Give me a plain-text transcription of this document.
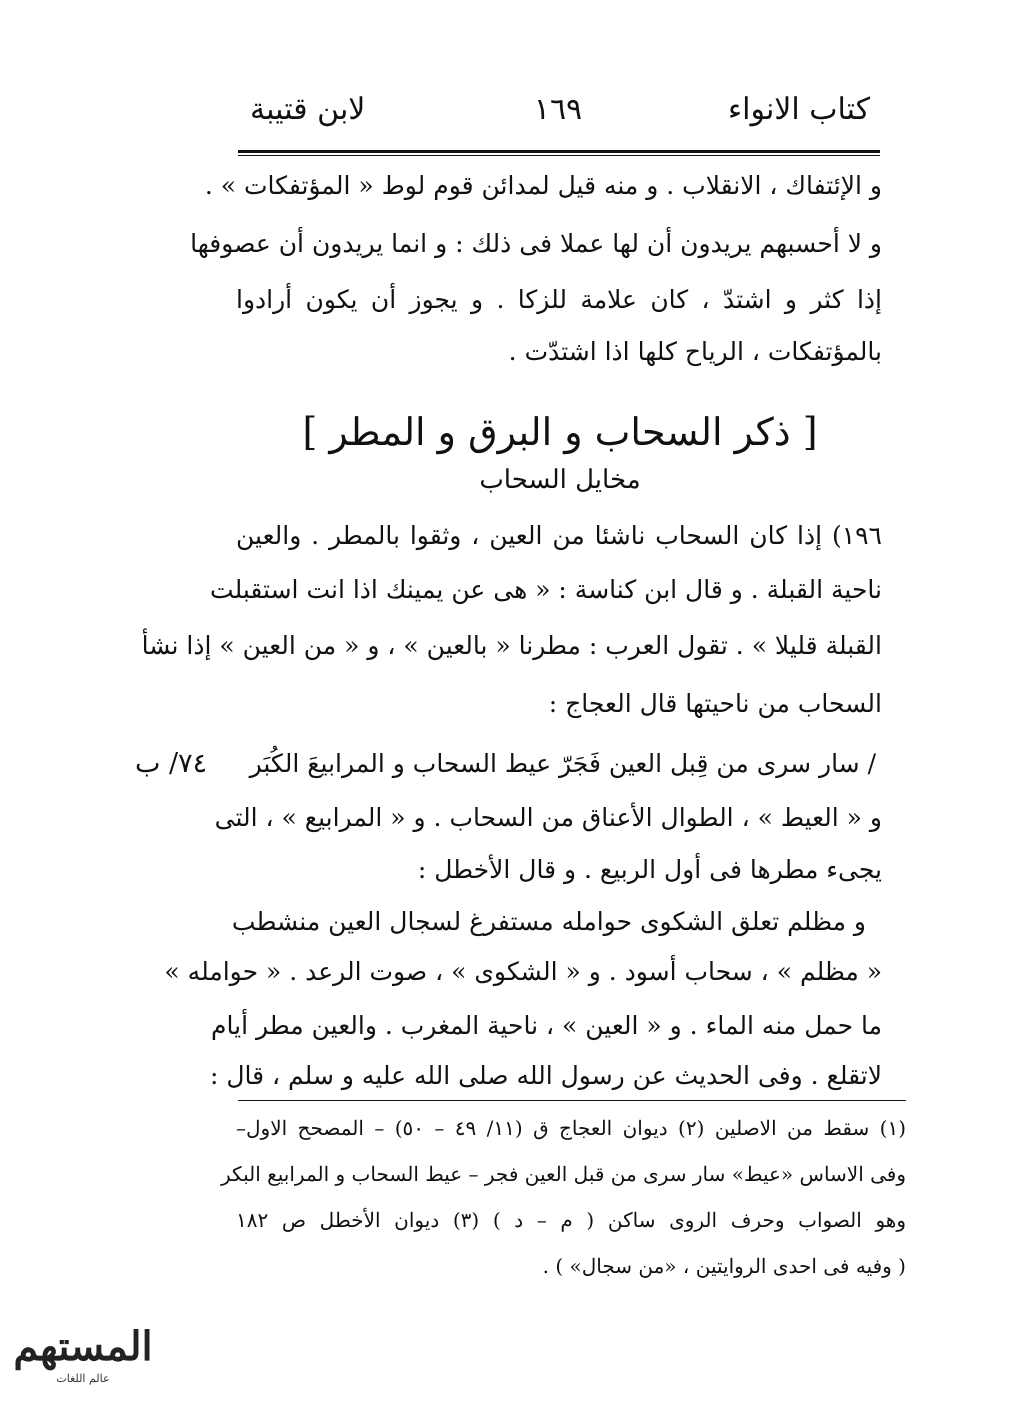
كتاب الانواء
١٦٩
لابن قتيبة
و الإئتفاك ، الانقلاب . و منه قيل لمدائن قوم لوط « المؤتفكات » .
و لا أحسبهم يريدون أن لها عملا فى ذلك : و انما يريدون أن عصوفها
إذا كثر و اشتدّ ، كان علامة للزكا . و يجوز أن يكون أرادوا
بالمؤتفكات ، الرياح كلها اذا اشتدّت .
[ ذكر السحاب و البرق و المطر ]
مخايل السحاب
١٩٦) إذا كان السحاب ناشئا من العين ، وثقوا بالمطر . والعين
ناحية القبلة . و قال ابن كناسة : « هى عن يمينك اذا انت استقبلت
القبلة قليلا » . تقول العرب : مطرنا « بالعين » ، و « من العين » إذا نشأ
السحاب من ناحيتها قال العجاج :
٧٤/ ب	/ سار سرى من قِبل العين فَجَرّ عيط السحاب و المرابيعَ الكُبَر
و « العيط » ، الطوال الأعناق من السحاب . و « المرابيع » ، التى
يجىء مطرها فى أول الربيع . و قال الأخطل :
و مظلم تعلق الشكوى حوامله مستفرغ لسجال العين منشطب
« مظلم » ، سحاب أسود . و « الشكوى » ، صوت الرعد . « حوامله »
ما حمل منه الماء . و « العين » ، ناحية المغرب . والعين مطر أيام
لاتقلع . وفى الحديث عن رسول الله صلى الله عليه و سلم ، قال :
(١) سقط من الاصلين (٢) ديوان العجاج ق (١١/ ٤٩ – ٥٠) – المصحح الاول–
وفى الاساس «عيط» سار سرى من قبل العين فجر – عيط السحاب و المرابيع البكر
وهو الصواب وحرف الروى ساكن ( م – د ) (٣) ديوان الأخطل ص ١٨٢
( وفيه فى احدى الروايتين ، «من سجال» ) .
المستهم
عالم اللغات
